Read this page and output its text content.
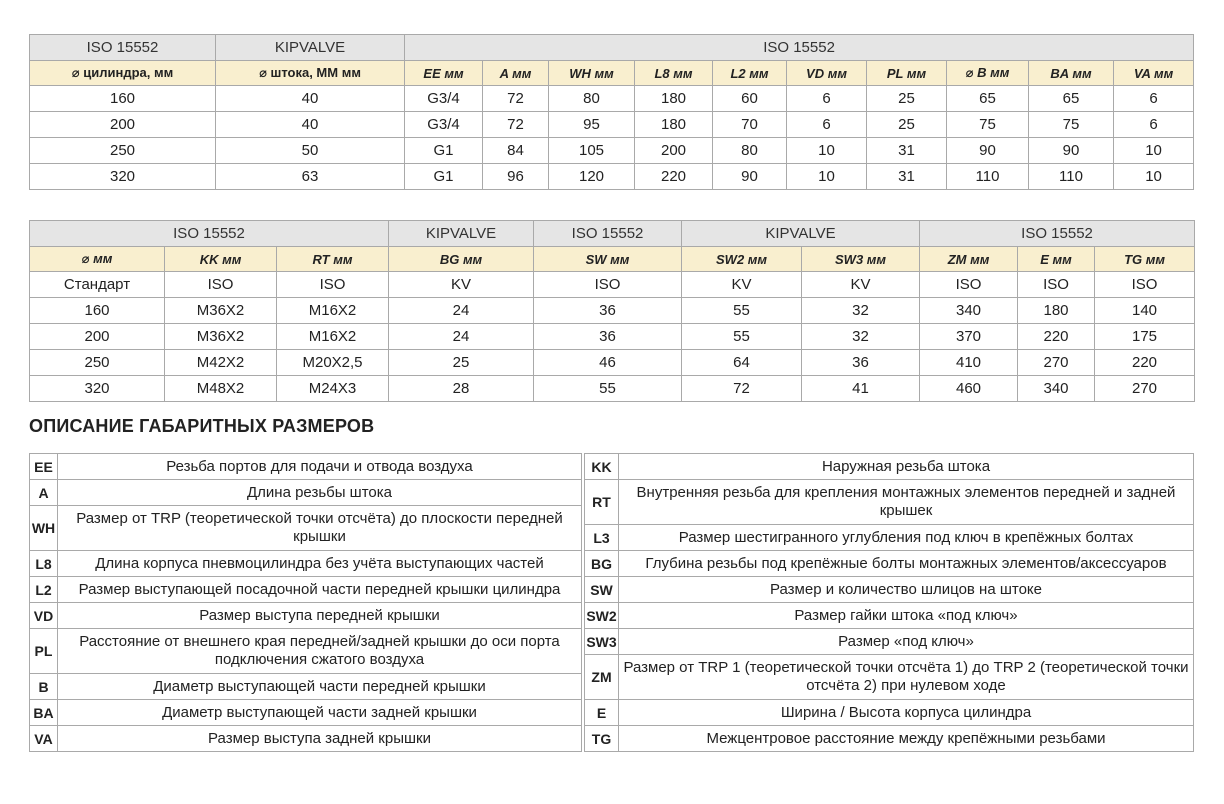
ISO 15552	KIPVALVE	ISO 15552									
⌀ цилиндра, мм	⌀ штока, ММ мм	EE мм	A мм	WH мм	L8 мм	L2 мм	VD мм	PL мм	⌀ B мм	BA мм	VA мм
160	40	G3/4	72	80	180	60	6	25	65	65	6
200	40	G3/4	72	95	180	70	6	25	75	75	6
250	50	G1	84	105	200	80	10	31	90	90	10
320	63	G1	96	120	220	90	10	31	110	110	10
ISO 15552			KIPVALVE	ISO 15552	KIPVALVE		ISO 15552		
⌀ мм	KK мм	RT мм	BG мм	SW мм	SW2 мм	SW3 мм	ZM мм	E мм	TG мм
Стандарт	ISO	ISO	KV	ISO	KV	KV	ISO	ISO	ISO
160	M36X2	M16X2	24	36	55	32	340	180	140
200	M36X2	M16X2	24	36	55	32	370	220	175
250	M42X2	M20X2,5	25	46	64	36	410	270	220
320	M48X2	M24X3	28	55	72	41	460	340	270
ОПИСАНИЕ ГАБАРИТНЫХ РАЗМЕРОВ
EE	Резьба портов для подачи и отвода воздуха
A	Длина резьбы штока
WH	Размер от TRP (теоретической точки отсчёта) до плоскости передней крышки
L8	Длина корпуса пневмоцилиндра без учёта выступающих частей
L2	Размер выступающей посадочной части передней крышки цилиндра
VD	Размер выступа передней крышки
PL	Расстояние от внешнего края передней/задней крышки до оси порта подключения сжатого воздуха
B	Диаметр выступающей части передней крышки
BA	Диаметр выступающей части задней крышки
VA	Размер выступа задней крышки
KK	Наружная резьба штока
RT	Внутренняя резьба для крепления монтажных элементов передней и задней крышек
L3	Размер шестигранного углубления под ключ в крепёжных болтах
BG	Глубина резьбы под крепёжные болты монтажных элементов/аксессуаров
SW	Размер и количество шлицов на штоке
SW2	Размер гайки штока «под ключ»
SW3	Размер «под ключ»
ZM	Размер от TRP 1 (теоретической точки отсчёта 1) до TRP 2 (теоретической точки отсчёта 2) при нулевом ходе
E	Ширина / Высота корпуса цилиндра
TG	Межцентровое расстояние между крепёжными резьбами
